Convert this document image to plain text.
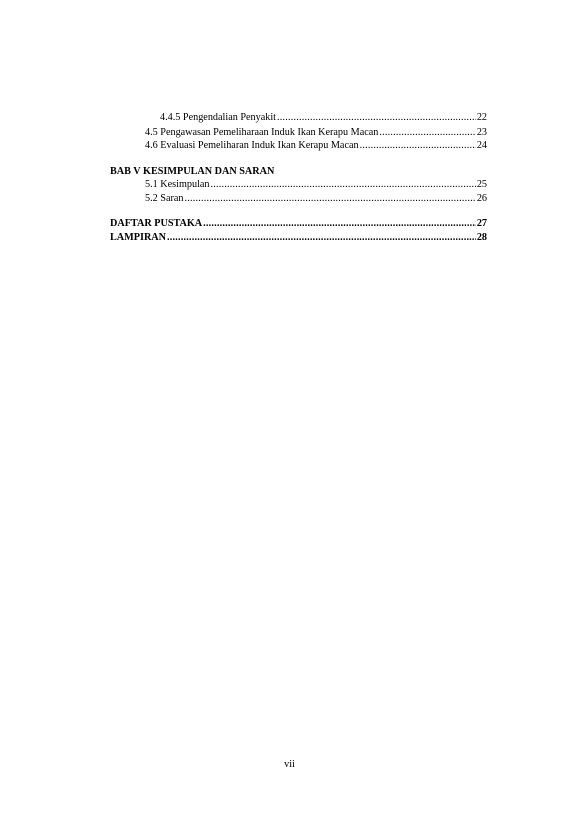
4.4.5 Pengendalian Penyakit .....	22
4.5 Pengawasan Pemeliharaan Induk Ikan Kerapu Macan .....	23
4.6 Evaluasi Pemeliharan Induk Ikan Kerapu Macan .....	24
BAB V KESIMPULAN DAN SARAN
5.1 Kesimpulan .....	25
5.2 Saran .....	26
DAFTAR PUSTAKA .....	27
LAMPIRAN .....	28
vii
